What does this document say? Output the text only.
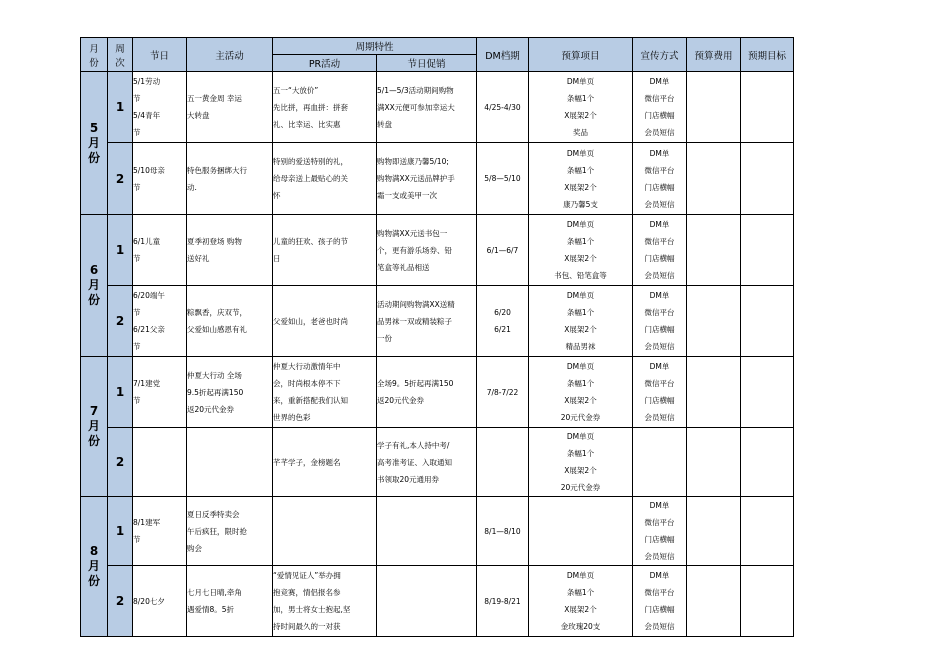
月
份	周
次	节日	主活动	周期特性		DM档期	预算项目	宣传方式	预算费用	预期目标
				PR活动	节日促销					
5
月
份	1	5/1劳动
节
5/4青年
节	五一黄金周 幸运
大转盘	五一“大放价”
先比拼，再血拼：拼套
礼、比幸运、比实惠	5/1—5/3活动期间购物
满XX元便可参加幸运大
转盘	4/25-4/30	DM单页
条幅1个
X展架2个
奖品	DM单
微信平台
门店横幅
会员短信		

	2	5/10母亲
节	特色服务捆绑大行
动.	特别的爱送特别的礼，
给母亲送上最贴心的关
怀	购物即送康乃馨5/10;
购物满XX元送品牌护手
霜一支或美甲一次	5/8—5/10	DM单页
条幅1个
X展架2个
康乃馨5支	DM单
微信平台
门店横幅
会员短信		

6
月
份	1	6/1儿童
节	夏季初登场 购物
送好礼	儿童的狂欢、孩子的节
日	购物满XX元送书包一
个，更有游乐场券、铅
笔盒等礼品相送	6/1—6/7	DM单页
条幅1个
X展架2个
书包、铅笔盒等	DM单
微信平台
门店横幅
会员短信		

	2	6/20端午
节
6/21父亲
节	粽飘香，庆双节，
父爱如山感恩有礼	父爱如山，老爸也时尚	活动期间购物满XX送精
品男袜一双或精装粽子
一份	6/20
6/21	DM单页
条幅1个
X展架2个
精品男袜	DM单
微信平台
门店横幅
会员短信		

7
月
份	1	7/1建党
节	仲夏大行动 全场
9.5折起再满150
返20元代金券	仲夏大行动激情年中
会，时尚根本停不下
来，重新搭配我们认知
世界的色彩	全场9。5折起再满150
返20元代金券	7/8-7/22	DM单页
条幅1个
X展架2个
20元代金券	DM单
微信平台
门店横幅
会员短信		

	2			芊芊学子，金榜题名	学子有礼,本人持中考/
高考准考证、入取通知
书领取20元通用券		DM单页
条幅1个
X展架2个
20元代金券			

8
月
份	1	8/1建军
节	夏日反季特卖会
午后疯狂，限时抢
购会			8/1—8/10		DM单
微信平台
门店横幅
会员短信		

	2	8/20七夕	七月七日晴,牵角
遇爱情8。5折	“爱情见证人”举办拥
抱竞赛，情侣报名参
加，男士将女士抱起,坚
持时间最久的一对获		8/19-8/21	DM单页
条幅1个
X展架2个
金玫瑰20支	DM单
微信平台
门店横幅
会员短信		
